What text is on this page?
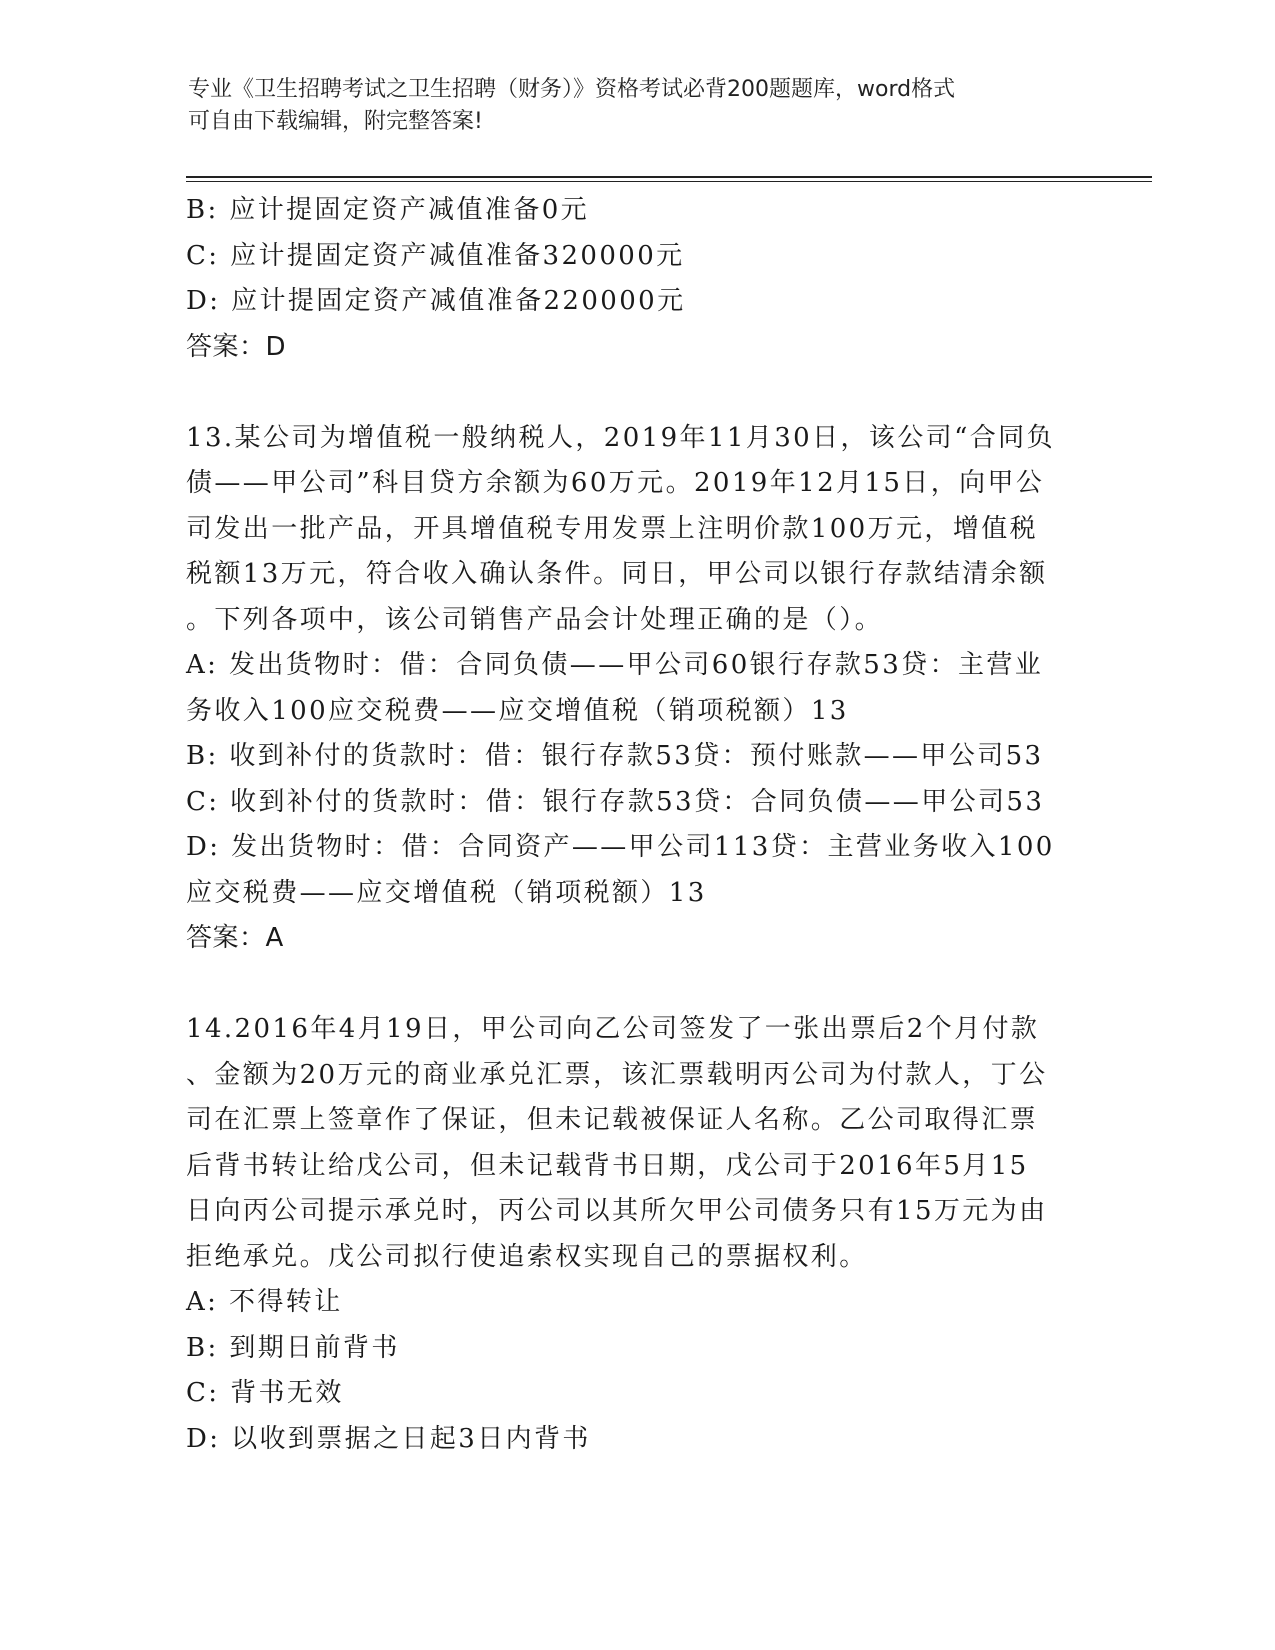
专业《卫生招聘考试之卫生招聘（财务）》资格考试必背200题题库，word格式
可自由下载编辑，附完整答案!
B: 应计提固定资产减值准备0元
C: 应计提固定资产减值准备320000元
D: 应计提固定资产减值准备220000元
答案：D
13.某公司为增值税一般纳税人，2019年11月30日，该公司“合同负
债——甲公司”科目贷方余额为60万元。2019年12月15日，向甲公
司发出一批产品，开具增值税专用发票上注明价款100万元，增值税
税额13万元，符合收入确认条件。同日，甲公司以银行存款结清余额
。下列各项中，该公司销售产品会计处理正确的是（）。
A: 发出货物时：借：合同负债——甲公司60银行存款53贷：主营业
务收入100应交税费——应交增值税（销项税额）13
B: 收到补付的货款时：借：银行存款53贷：预付账款——甲公司53
C: 收到补付的货款时：借：银行存款53贷：合同负债——甲公司53
D: 发出货物时：借：合同资产——甲公司113贷：主营业务收入100
应交税费——应交增值税（销项税额）13
答案：A
14.2016年4月19日，甲公司向乙公司签发了一张出票后2个月付款
、金额为20万元的商业承兑汇票，该汇票载明丙公司为付款人，丁公
司在汇票上签章作了保证，但未记载被保证人名称。乙公司取得汇票
后背书转让给戊公司，但未记载背书日期，戊公司于2016年5月15
日向丙公司提示承兑时，丙公司以其所欠甲公司债务只有15万元为由
拒绝承兑。戊公司拟行使追索权实现自己的票据权利。
A: 不得转让
B: 到期日前背书
C: 背书无效
D: 以收到票据之日起3日内背书
